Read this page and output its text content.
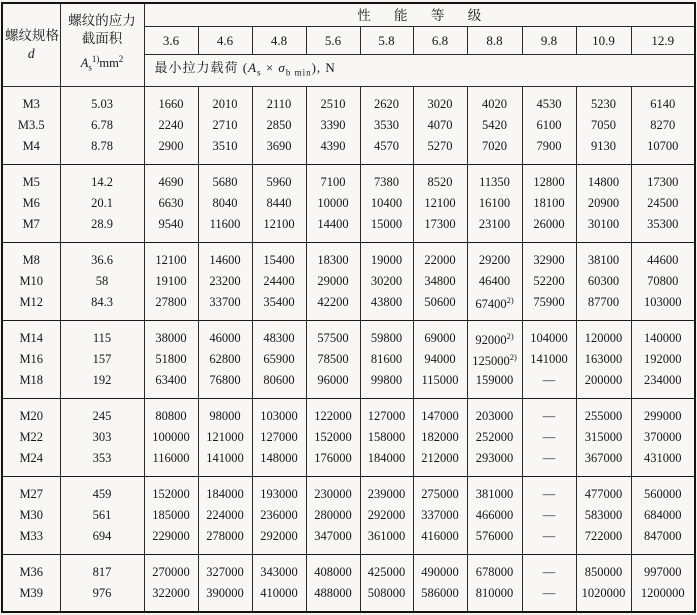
螺纹规格
d

螺纹的应力
截面积
$A_s^{1)}mm^2$
	性 能 等 级
		3.6	4.6	4.8	5.6	5.8	6.8	8.8	9.8	10.9	12.9
		最小拉力载荷 $(A_s \times \sigma_{b min})$, N									
M3	5.03	1660	2010	2110	2510	2620	3020	4020	4530	5230	6140
M3.5	6.78	2240	2710	2850	3390	3530	4070	5420	6100	7050	8270
M4	8.78	2900	3510	3690	4390	4570	5270	7020	7900	9130	10700
M5	14.2	4690	5680	5960	7100	7380	8520	11350	12800	14800	17300
M6	20.1	6630	8040	8440	10000	10400	12100	16100	18100	20900	24500
M7	28.9	9540	11600	12100	14400	15000	17300	23100	26000	30100	35300
M8	36.6	12100	14600	15400	18300	19000	22000	29200	32900	38100	44600
M10	58	19100	23200	24400	29000	30200	34800	46400	52200	60300	70800
M12	84.3	27800	33700	35400	42200	43800	50600	67400$^{2)}$	75900	87700	103000
M14	115	38000	46000	48300	57500	59800	69000	92000$^{2)}$	104000	120000	140000
M16	157	51800	62800	65900	78500	81600	94000	125000$^{2)}$	141000	163000	192000
M18	192	63400	76800	80600	96000	99800	115000	159000	—	200000	234000
M20	245	80800	98000	103000	122000	127000	147000	203000	—	255000	299000
M22	303	100000	121000	127000	152000	158000	182000	252000	—	315000	370000
M24	353	116000	141000	148000	176000	184000	212000	293000	—	367000	431000
M27	459	152000	184000	193000	230000	239000	275000	381000	—	477000	560000
M30	561	185000	224000	236000	280000	292000	337000	466000	—	583000	684000
M33	694	229000	278000	292000	347000	361000	416000	576000	—	722000	847000
M36	817	270000	327000	343000	408000	425000	490000	678000	—	850000	997000
M39	976	322000	390000	410000	488000	508000	586000	810000	—	1020000	1200000
